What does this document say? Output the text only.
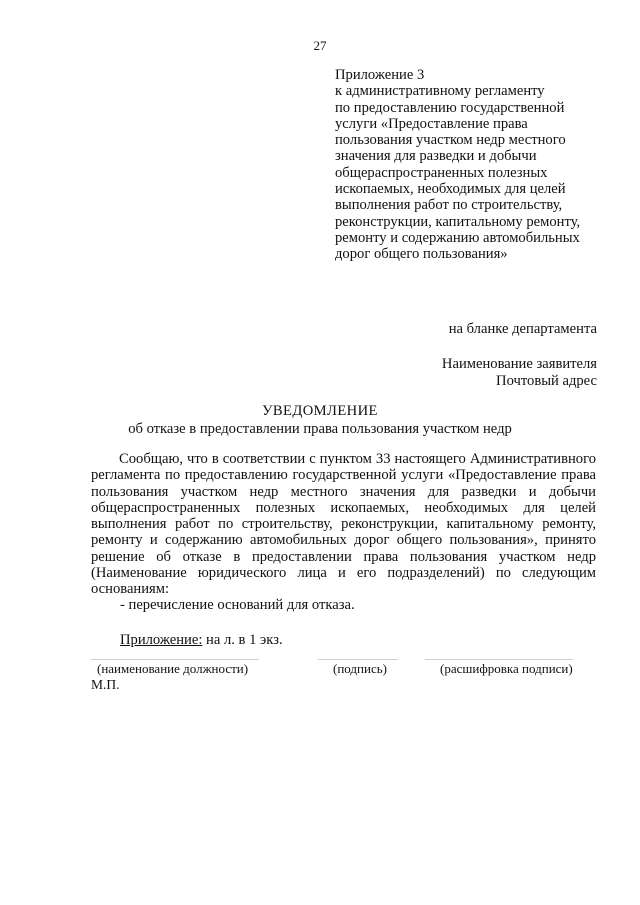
27
Приложение 3
к административному регламенту
по предоставлению государственной
услуги «Предоставление права
пользования участком недр местного
значения для разведки и добычи
общераспространенных полезных
ископаемых, необходимых для целей
выполнения работ по строительству,
реконструкции, капитальному ремонту,
ремонту и содержанию автомобильных
дорог общего пользования»
на бланке департамента
Наименование заявителя
Почтовый адрес
УВЕДОМЛЕНИЕ
об отказе в предоставлении права пользования участком недр
Сообщаю, что в соответствии с пунктом 33 настоящего Административного
регламента по предоставлению государственной услуги «Предоставление права
пользования участком недр местного значения для разведки и добычи
общераспространенных полезных ископаемых, необходимых для целей
выполнения работ по строительству, реконструкции, капитальному ремонту,
ремонту и содержанию автомобильных дорог общего пользования», принято
решение об отказе в предоставлении права пользования участком недр
(Наименование юридического лица и его подразделений) по следующим
основаниям:
- перечисление оснований для отказа.
Приложение: на л. в 1 экз.
(наименование должности)	(подпись)	(расшифровка подписи)
М.П.
